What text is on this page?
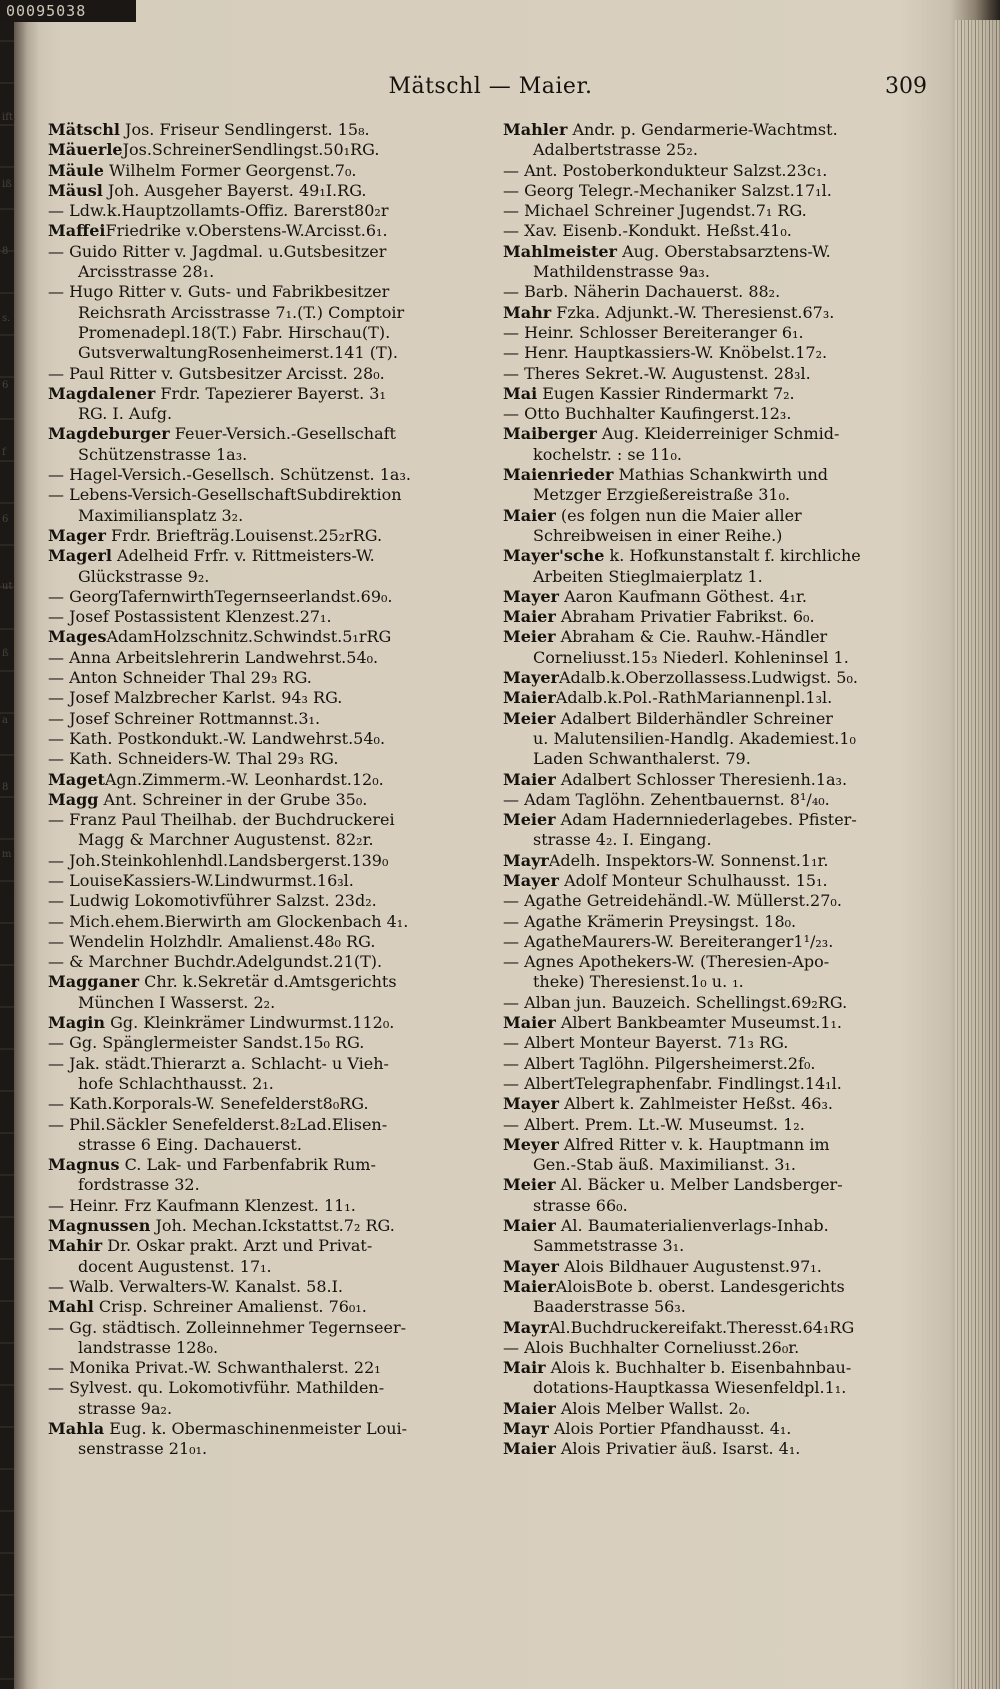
00095038
ift.
iß
8
s.
6
f
6
ut
ß
a
8
m
Mätschl — Maier.	309
Mätschl Jos. Friseur Sendlingerst. 15₈.
MäuerleJos.SchreinerSendlingst.50₁RG.
Mäule Wilhelm Former Georgenst.7₀.
Mäusl Joh. Ausgeher Bayerst. 49₁I.RG.
— Ldw.k.Hauptzollamts-Offiz. Barerst80₂r
MaffeiFriedrike v.Oberstens-W.Arcisst.6₁.
— Guido Ritter v. Jagdmal. u.Gutsbesitzer
Arcisstrasse 28₁.
— Hugo Ritter v. Guts- und Fabrikbesitzer
Reichsrath Arcisstrasse 7₁.(T.) Comptoir
Promenadepl.18(T.) Fabr. Hirschau(T).
GutsverwaltungRosenheimerst.141 (T).
— Paul Ritter v. Gutsbesitzer Arcisst. 28₀.
Magdalener Frdr. Tapezierer Bayerst. 3₁
RG. I. Aufg.
Magdeburger Feuer-Versich.-Gesellschaft
Schützenstrasse 1a₃.
— Hagel-Versich.-Gesellsch. Schützenst. 1a₃.
— Lebens-Versich-GesellschaftSubdirektion
Maximiliansplatz 3₂.
Mager Frdr. Briefträg.Louisenst.25₂rRG.
Magerl Adelheid Frfr. v. Rittmeisters-W.
Glückstrasse 9₂.
— GeorgTafernwirthTegernseerlandst.69₀.
— Josef Postassistent Klenzest.27₁.
MagesAdamHolzschnitz.Schwindst.5₁rRG
— Anna Arbeitslehrerin Landwehrst.54₀.
— Anton Schneider Thal 29₃ RG.
— Josef Malzbrecher Karlst. 94₃ RG.
— Josef Schreiner Rottmannst.3₁.
— Kath. Postkondukt.-W. Landwehrst.54₀.
— Kath. Schneiders-W. Thal 29₃ RG.
MagetAgn.Zimmerm.-W. Leonhardst.12₀.
Magg Ant. Schreiner in der Grube 35₀.
— Franz Paul Theilhab. der Buchdruckerei
Magg & Marchner Augustenst. 82₂r.
— Joh.Steinkohlenhdl.Landsbergerst.139₀
— LouiseKassiers-W.Lindwurmst.16₃l.
— Ludwig Lokomotivführer Salzst. 23d₂.
— Mich.ehem.Bierwirth am Glockenbach 4₁.
— Wendelin Holzhdlr. Amalienst.48₀ RG.
— & Marchner Buchdr.Adelgundst.21(T).
Magganer Chr. k.Sekretär d.Amtsgerichts
München I Wasserst. 2₂.
Magin Gg. Kleinkrämer Lindwurmst.112₀.
— Gg. Spänglermeister Sandst.15₀ RG.
— Jak. städt.Thierarzt a. Schlacht- u Vieh-
hofe Schlachthausst. 2₁.
— Kath.Korporals-W. Senefelderst8₀RG.
— Phil.Säckler Senefelderst.8₂Lad.Elisen-
strasse 6 Eing. Dachauerst.
Magnus C. Lak- und Farbenfabrik Rum-
fordstrasse 32.
— Heinr. Frz Kaufmann Klenzest. 11₁.
Magnussen Joh. Mechan.Ickstattst.7₂ RG.
Mahir Dr. Oskar prakt. Arzt und Privat-
docent Augustenst. 17₁.
— Walb. Verwalters-W. Kanalst. 58.I.
Mahl Crisp. Schreiner Amalienst. 76₀₁.
— Gg. städtisch. Zolleinnehmer Tegernseer-
landstrasse 128₀.
— Monika Privat.-W. Schwanthalerst. 22₁
— Sylvest. qu. Lokomotivführ. Mathilden-
strasse 9a₂.
Mahla Eug. k. Obermaschinenmeister Loui-
senstrasse 21₀₁.
Mahler Andr. p. Gendarmerie-Wachtmst.
Adalbertstrasse 25₂.
— Ant. Postoberkondukteur Salzst.23c₁.
— Georg Telegr.-Mechaniker Salzst.17₁l.
— Michael Schreiner Jugendst.7₁ RG.
— Xav. Eisenb.-Kondukt. Heßst.41₀.
Mahlmeister Aug. Oberstabsarztens-W.
Mathildenstrasse 9a₃.
— Barb. Näherin Dachauerst. 88₂.
Mahr Fzka. Adjunkt.-W. Theresienst.67₃.
— Heinr. Schlosser Bereiteranger 6₁.
— Henr. Hauptkassiers-W. Knöbelst.17₂.
— Theres Sekret.-W. Augustenst. 28₃l.
Mai Eugen Kassier Rindermarkt 7₂.
— Otto Buchhalter Kaufingerst.12₃.
Maiberger Aug. Kleiderreiniger Schmid-
kochelstr. : se 11₀.
Maienrieder Mathias Schankwirth und
Metzger Erzgießereistraße 31₀.
Maier (es folgen nun die Maier aller
Schreibweisen in einer Reihe.)
Mayer'sche k. Hofkunstanstalt f. kirchliche
Arbeiten Stieglmaierplatz 1.
Mayer Aaron Kaufmann Göthest. 4₁r.
Maier Abraham Privatier Fabrikst. 6₀.
Meier Abraham & Cie. Rauhw.-Händler
Corneliusst.15₃ Niederl. Kohleninsel 1.
MayerAdalb.k.Oberzollassess.Ludwigst. 5₀.
MaierAdalb.k.Pol.-RathMariannenpl.1₃l.
Meier Adalbert Bilderhändler Schreiner
u. Malutensilien-Handlg. Akademiest.1₀
Laden Schwanthalerst. 79.
Maier Adalbert Schlosser Theresienh.1a₃.
— Adam Taglöhn. Zehentbauernst. 8¹/₄₀.
Meier Adam Hadernniederlagebes. Pfister-
strasse 4₂. I. Eingang.
MayrAdelh. Inspektors-W. Sonnenst.1₁r.
Mayer Adolf Monteur Schulhausst. 15₁.
— Agathe Getreidehändl.-W. Müllerst.27₀.
— Agathe Krämerin Preysingst. 18₀.
— AgatheMaurers-W. Bereiteranger1¹/₂₃.
— Agnes Apothekers-W. (Theresien-Apo-
theke) Theresienst.1₀ u. ₁.
— Alban jun. Bauzeich. Schellingst.69₂RG.
Maier Albert Bankbeamter Museumst.1₁.
— Albert Monteur Bayerst. 71₃ RG.
— Albert Taglöhn. Pilgersheimerst.2f₀.
— AlbertTelegraphenfabr. Findlingst.14₁l.
Mayer Albert k. Zahlmeister Heßst. 46₃.
— Albert. Prem. Lt.-W. Museumst. 1₂.
Meyer Alfred Ritter v. k. Hauptmann im
Gen.-Stab äuß. Maximilianst. 3₁.
Meier Al. Bäcker u. Melber Landsberger-
strasse 66₀.
Maier Al. Baumaterialienverlags-Inhab.
Sammetstrasse 3₁.
Mayer Alois Bildhauer Augustenst.97₁.
MaierAloisBote b. oberst. Landesgerichts
Baaderstrasse 56₃.
MayrAl.Buchdruckereifakt.Theresst.64₁RG
— Alois Buchhalter Corneliusst.26₀r.
Mair Alois k. Buchhalter b. Eisenbahnbau-
dotations-Hauptkassa Wiesenfeldpl.1₁.
Maier Alois Melber Wallst. 2₀.
Mayr Alois Portier Pfandhausst. 4₁.
Maier Alois Privatier äuß. Isarst. 4₁.
